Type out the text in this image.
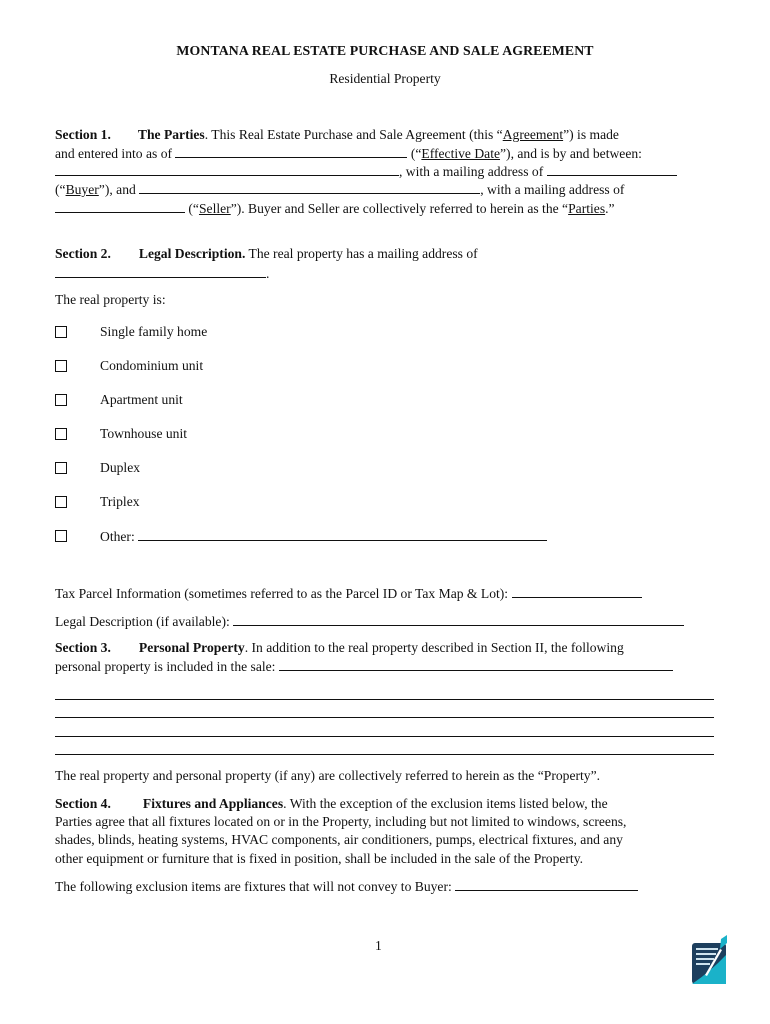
MONTANA REAL ESTATE PURCHASE AND SALE AGREEMENT
Residential Property
Section 1. The Parties. This Real Estate Purchase and Sale Agreement (this “Agreement”) is made
and entered into as of	(“Effective Date”), and is by and between:
, with a mailing address of
(“Buyer”), and	, with a mailing address of
(“Seller”). Buyer and Seller are collectively referred to herein as the “Parties.”
Section 2. Legal Description. The real property has a mailing address of
.
The real property is:
Single family home
Condominium unit
Apartment unit
Townhouse unit
Duplex
Triplex
Other:
Tax Parcel Information (sometimes referred to as the Parcel ID or Tax Map & Lot):
Legal Description (if available):
Section 3. Personal Property. In addition to the real property described in Section II, the following
personal property is included in the sale:
The real property and personal property (if any) are collectively referred to herein as the “Property”.
Section 4. Fixtures and Appliances. With the exception of the exclusion items listed below, the
Parties agree that all fixtures located on or in the Property, including but not limited to windows, screens,
shades, blinds, heating systems, HVAC components, air conditioners, pumps, electrical fixtures, and any
other equipment or furniture that is fixed in position, shall be included in the sale of the Property.
The following exclusion items are fixtures that will not convey to Buyer:
1
